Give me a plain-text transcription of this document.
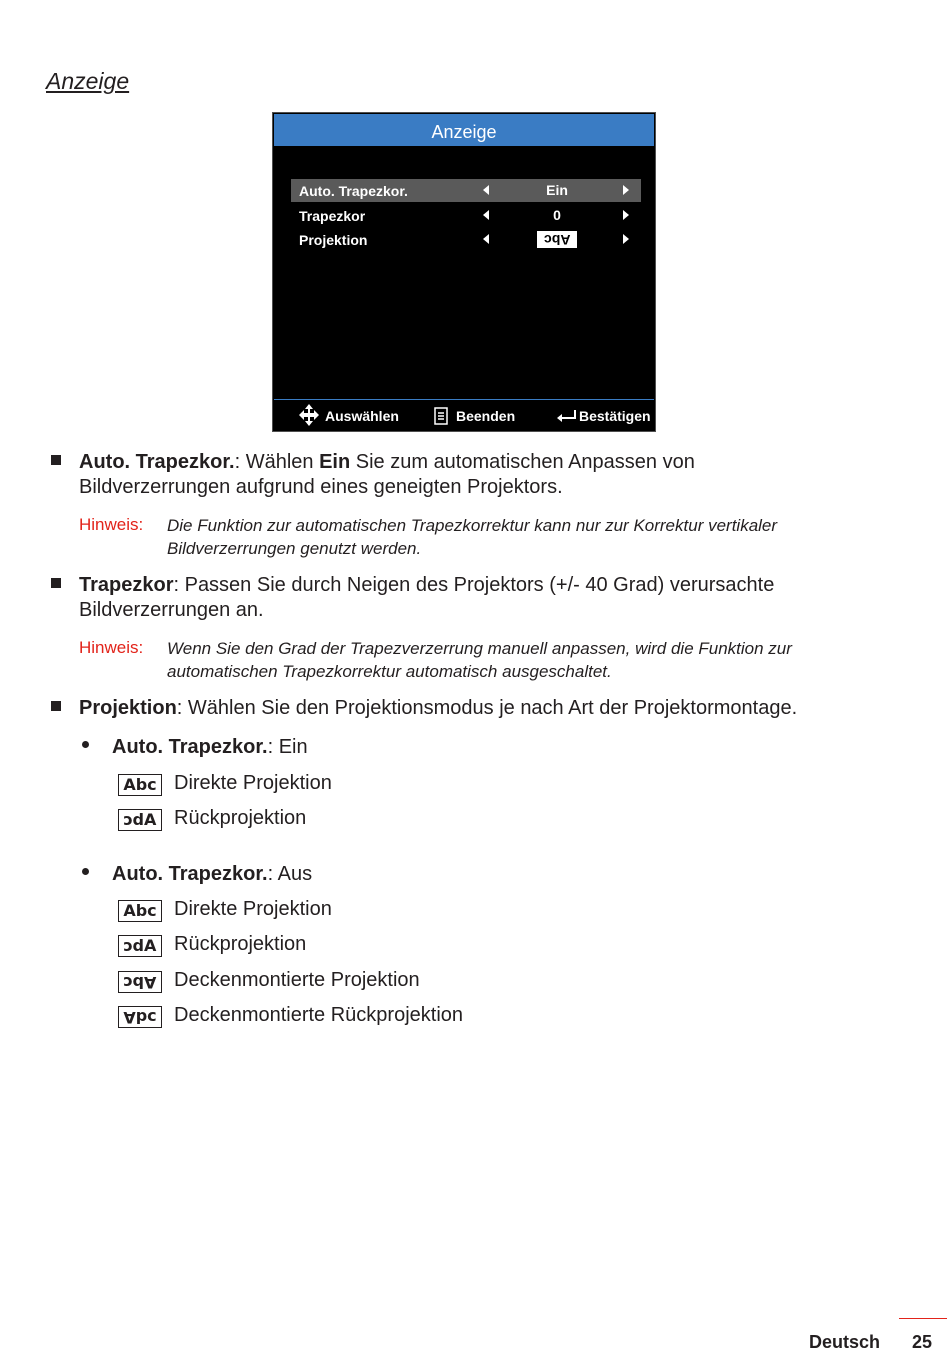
Anzeige
Anzeige
Auto. Trapezkor.	Ein
Trapezkor	0
Projektion	Abc
Auswählen	Beenden	Bestätigen
Auto. Trapezkor.: Wählen Ein Sie zum automatischen Anpassen von
Bildverzerrungen aufgrund eines geneigten Projektors.
Hinweis: Die Funktion zur automatischen Trapezkorrektur kann nur zur Korrektur vertikaler
Bildverzerrungen genutzt werden.
Trapezkor: Passen Sie durch Neigen des Projektors (+/- 40 Grad) verursachte
Bildverzerrungen an.
Hinweis: Wenn Sie den Grad der Trapezverzerrung manuell anpassen, wird die Funktion zur
automatischen Trapezkorrektur automatisch ausgeschaltet.
Projektion: Wählen Sie den Projektionsmodus je nach Art der Projektormontage.
Auto. Trapezkor.: Ein
Abc Direkte Projektion
Abc Rückprojektion
Auto. Trapezkor.: Aus
Abc Direkte Projektion
Abc Rückprojektion
Abc Deckenmontierte Projektion
Abc Deckenmontierte Rückprojektion
Deutsch 25
